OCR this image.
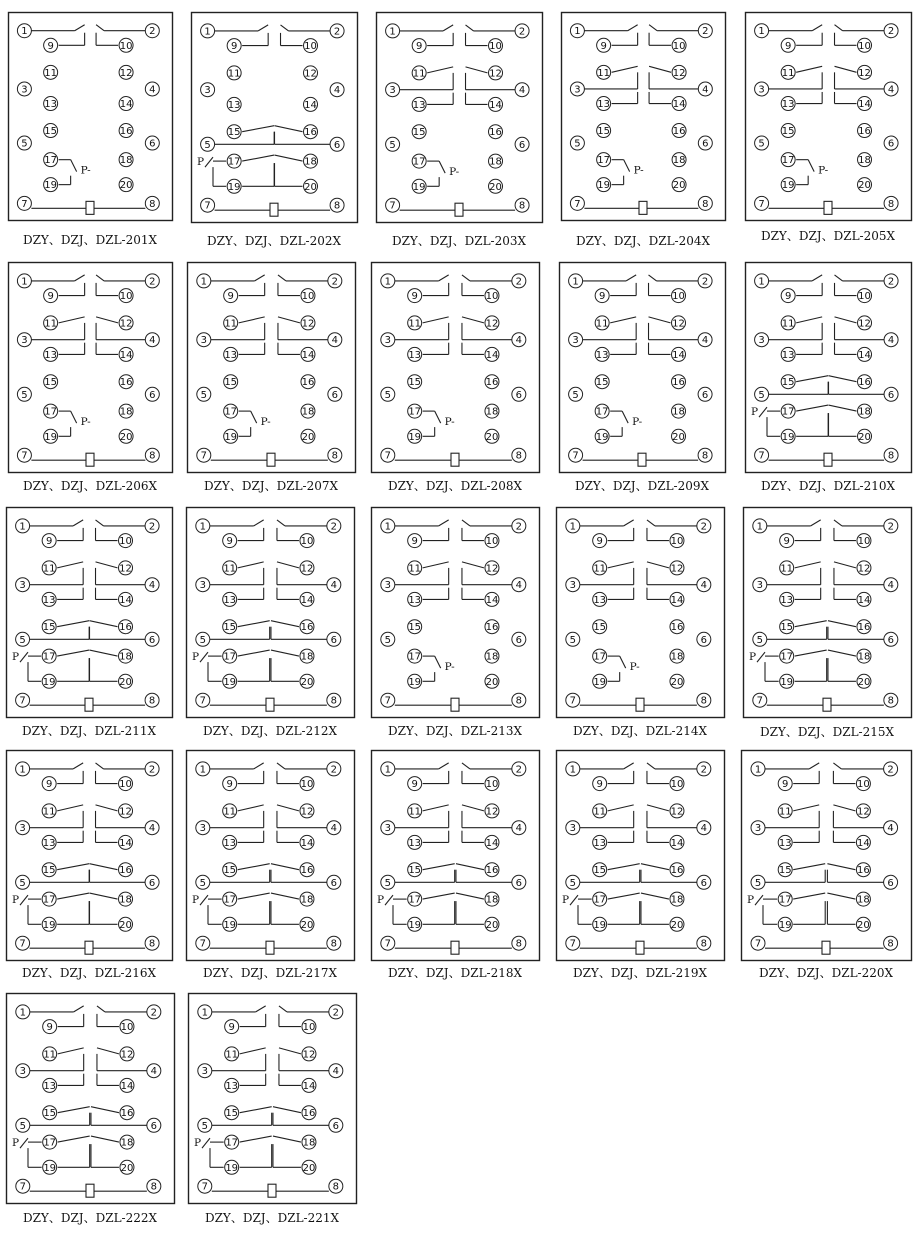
P-
1	2
3	4
5	6
7	8
9	10
11	12
13	14
15	16
17	18
19	20
DZY、DZJ、DZL-201X
P
1	2
3	4
5	6
7	8
9	10
11	12
13	14
15	16
17	18
19	20
DZY、DZJ、DZL-202X
P-
1	2
3	4
5	6
7	8
9	10
11	12
13	14
15	16
17	18
19	20
DZY、DZJ、DZL-203X
P-
1	2
3	4
5	6
7	8
9	10
11	12
13	14
15	16
17	18
19	20
DZY、DZJ、DZL-204X
P-
1	2
3	4
5	6
7	8
9	10
11	12
13	14
15	16
17	18
19	20
DZY、DZJ、DZL-205X
P-
1	2
3	4
5	6
7	8
9	10
11	12
13	14
15	16
17	18
19	20
DZY、DZJ、DZL-206X
P-
1	2
3	4
5	6
7	8
9	10
11	12
13	14
15	16
17	18
19	20
DZY、DZJ、DZL-207X
P-
1	2
3	4
5	6
7	8
9	10
11	12
13	14
15	16
17	18
19	20
DZY、DZJ、DZL-208X
P-
1	2
3	4
5	6
7	8
9	10
11	12
13	14
15	16
17	18
19	20
DZY、DZJ、DZL-209X
P
1	2
3	4
5	6
7	8
9	10
11	12
13	14
15	16
17	18
19	20
DZY、DZJ、DZL-210X
P
1	2
3	4
5	6
7	8
9	10
11	12
13	14
15	16
17	18
19	20
DZY、DZJ、DZL-211X
P
1	2
3	4
5	6
7	8
9	10
11	12
13	14
15	16
17	18
19	20
DZY、DZJ、DZL-212X
P-
1	2
3	4
5	6
7	8
9	10
11	12
13	14
15	16
17	18
19	20
DZY、DZJ、DZL-213X
P-
1	2
3	4
5	6
7	8
9	10
11	12
13	14
15	16
17	18
19	20
DZY、DZJ、DZL-214X
P
1	2
3	4
5	6
7	8
9	10
11	12
13	14
15	16
17	18
19	20
DZY、DZJ、DZL-215X
P
1	2
3	4
5	6
7	8
9	10
11	12
13	14
15	16
17	18
19	20
DZY、DZJ、DZL-216X
P
1	2
3	4
5	6
7	8
9	10
11	12
13	14
15	16
17	18
19	20
DZY、DZJ、DZL-217X
P
1	2
3	4
5	6
7	8
9	10
11	12
13	14
15	16
17	18
19	20
DZY、DZJ、DZL-218X
P
1	2
3	4
5	6
7	8
9	10
11	12
13	14
15	16
17	18
19	20
DZY、DZJ、DZL-219X
P
1	2
3	4
5	6
7	8
9	10
11	12
13	14
15	16
17	18
19	20
DZY、DZJ、DZL-220X
P
1	2
3	4
5	6
7	8
9	10
11	12
13	14
15	16
17	18
19	20
DZY、DZJ、DZL-222X
P
1	2
3	4
5	6
7	8
9	10
11	12
13	14
15	16
17	18
19	20
DZY、DZJ、DZL-221X
